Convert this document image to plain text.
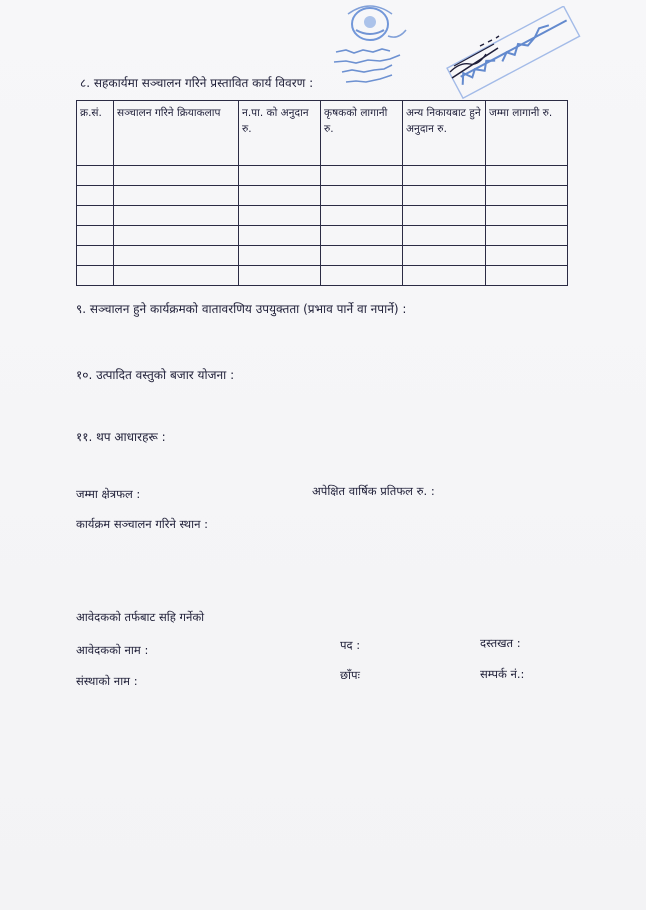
८. सहकार्यमा सञ्चालन गरिने प्रस्तावित कार्य विवरण :
क्र.सं.	सञ्चालन गरिने क्रियाकलाप	न.पा. को अनुदान रु.	कृषकको लागानी रु.	अन्य निकायबाट हुने अनुदान रु.	जम्मा लागानी रु.

९. सञ्चालन हुने कार्यक्रमको वातावरणिय उपयुक्तता (प्रभाव पार्ने वा नपार्ने) :
१०. उत्पादित वस्तुको बजार योजना :
११. थप आधारहरू :
जम्मा क्षेत्रफल :	अपेक्षित वार्षिक प्रतिफल रु. :
कार्यक्रम सञ्चालन गरिने स्थान :
आवेदकको तर्फबाट सहि गर्नेको
आवेदकको नाम :	पद :	दस्तखत :
संस्थाको नाम :	छाँपः	सम्पर्क नं.:
